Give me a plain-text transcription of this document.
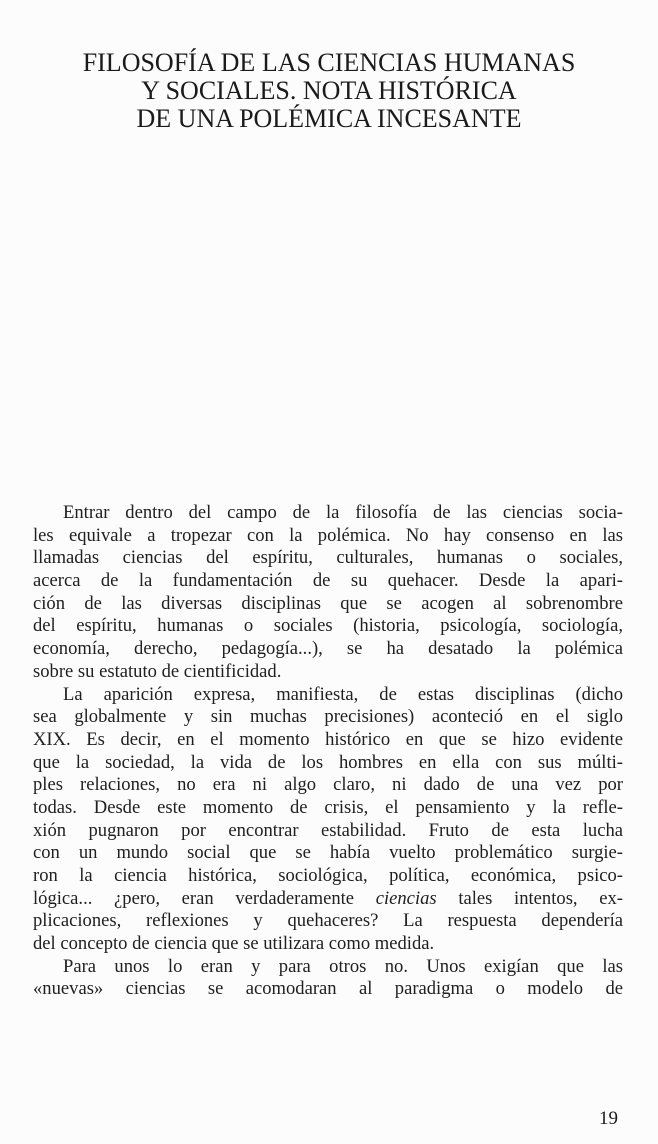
FILOSOFÍA DE LAS CIENCIAS HUMANAS
Y SOCIALES. NOTA HISTÓRICA
DE UNA POLÉMICA INCESANTE
Entrar dentro del campo de la filosofía de las ciencias socia-
les equivale a tropezar con la polémica. No hay consenso en las
llamadas ciencias del espíritu, culturales, humanas o sociales,
acerca de la fundamentación de su quehacer. Desde la apari-
ción de las diversas disciplinas que se acogen al sobrenombre
del espíritu, humanas o sociales (historia, psicología, sociología,
economía, derecho, pedagogía...), se ha desatado la polémica
sobre su estatuto de cientificidad.
La aparición expresa, manifiesta, de estas disciplinas (dicho
sea globalmente y sin muchas precisiones) aconteció en el siglo
XIX. Es decir, en el momento histórico en que se hizo evidente
que la sociedad, la vida de los hombres en ella con sus múlti-
ples relaciones, no era ni algo claro, ni dado de una vez por
todas. Desde este momento de crisis, el pensamiento y la refle-
xión pugnaron por encontrar estabilidad. Fruto de esta lucha
con un mundo social que se había vuelto problemático surgie-
ron la ciencia histórica, sociológica, política, económica, psico-
lógica... ¿pero, eran verdaderamente ciencias tales intentos, ex-
plicaciones, reflexiones y quehaceres? La respuesta dependería
del concepto de ciencia que se utilizara como medida.
Para unos lo eran y para otros no. Unos exigían que las
«nuevas» ciencias se acomodaran al paradigma o modelo de
19
